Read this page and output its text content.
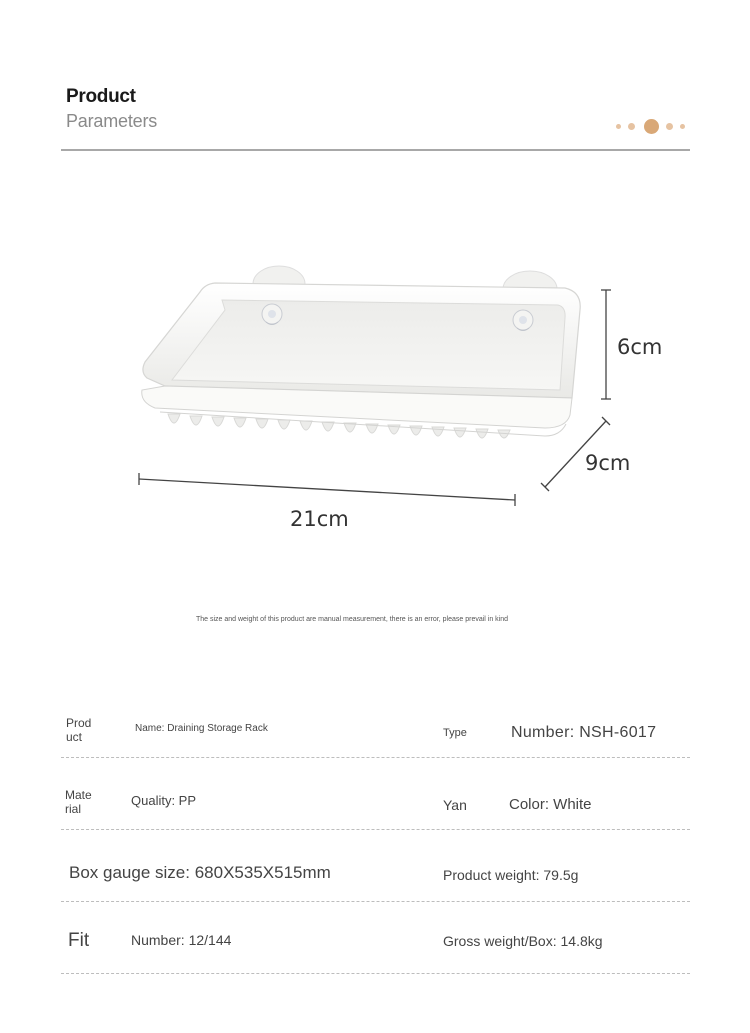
Product
Parameters
6cm
9cm
21cm
The size and weight of this product are manual measurement, there is an error, please prevail in kind
Prod
uct
Name: Draining Storage Rack	Type	Number: NSH-6017
Mate
rial
Quality: PP	Yan	Color: White
Box gauge size: 680X535X515mm	Product weight: 79.5g
Fit	Number: 12/144	Gross weight/Box: 14.8kg
